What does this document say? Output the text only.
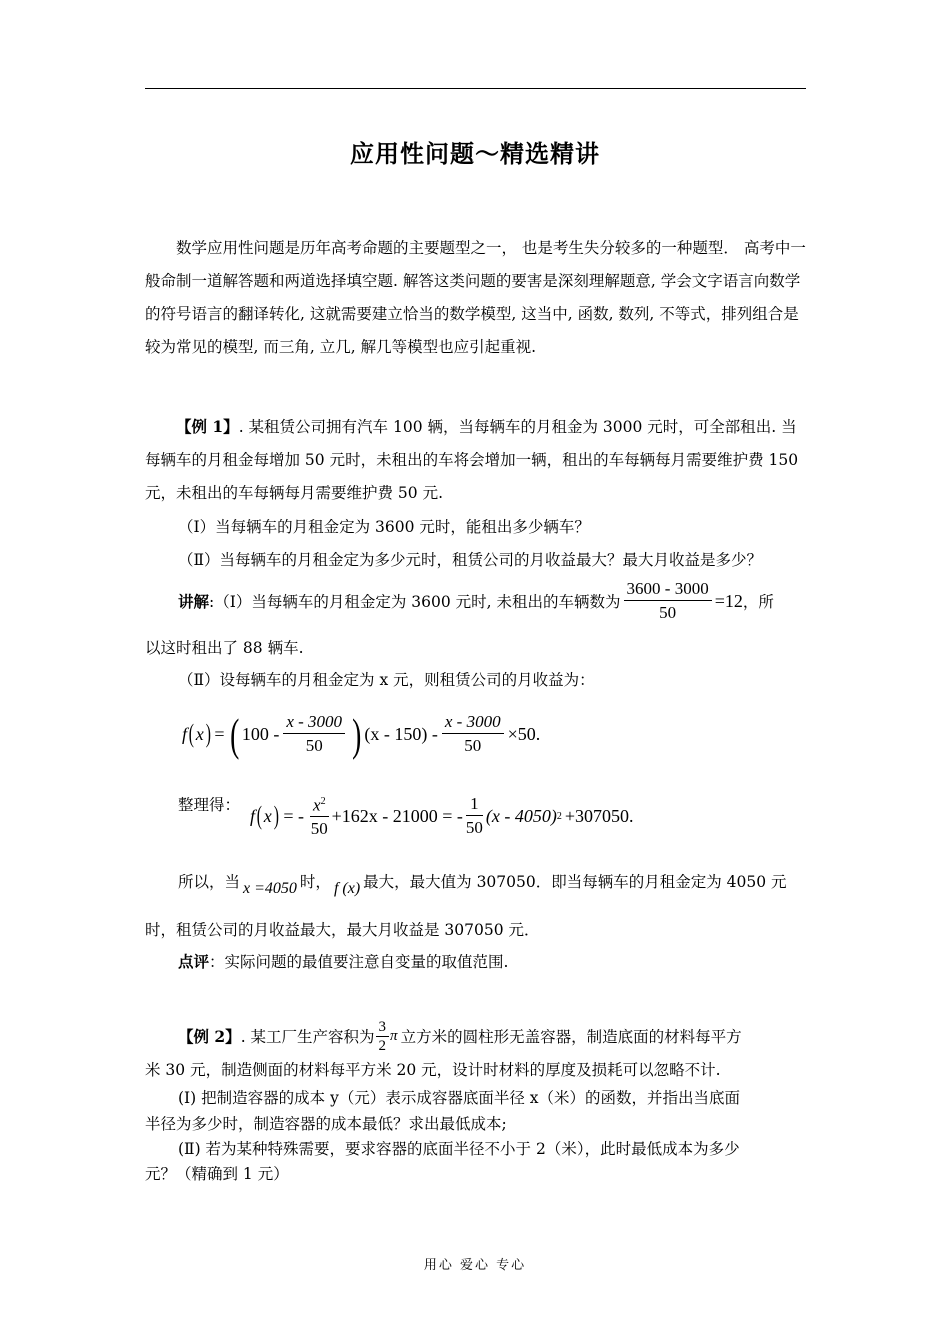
应用性问题～精选精讲
数学应用性问题是历年高考命题的主要题型之一， 也是考生失分较多的一种题型． 高考中一般命制一道解答题和两道选择填空题. 解答这类问题的要害是深刻理解题意, 学会文字语言向数学的符号语言的翻译转化, 这就需要建立恰当的数学模型, 这当中, 函数, 数列, 不等式，排列组合是较为常见的模型, 而三角, 立几, 解几等模型也应引起重视.
【例 1】. 某租赁公司拥有汽车 100 辆，当每辆车的月租金为 3000 元时，可全部租出. 当每辆车的月租金每增加 50 元时，未租出的车将会增加一辆，租出的车每辆每月需要维护费 150 元，未租出的车每辆每月需要维护费 50 元.
（Ⅰ）当每辆车的月租金定为 3600 元时，能租出多少辆车？
（Ⅱ）当每辆车的月租金定为多少元时，租赁公司的月收益最大？最大月收益是多少？
讲解 :（Ⅰ）当每辆车的月租金定为 3600 元时, 未租出的车辆数为 $\frac{3600 - 3000}{50} =12$ ，所
以这时租出了 88 辆车.
（Ⅱ）设每辆车的月租金定为 x 元，则租赁公司的月收益为：
f ( x ) = ( $100 - \frac{x - 3000}{50}$ ) $(x - 150) - \frac{x - 3000}{50} \times 50$ .
整理得：
f ( x ) = - $\frac{x^2}{50} +162x - 21000$ = - $\frac{1}{50} (x - 4050)$ 2 +307050 .
所以，当 x =4050 时， f (x) 最大，最大值为 307050．即当每辆车的月租金定为 4050 元
时，租赁公司的月收益最大，最大月收益是 307050 元．
点评：实际问题的最值要注意自变量的取值范围.
【例 2】 . 某工厂生产容积为 $\frac{3}{2}$ π 立方米的圆柱形无盖容器，制造底面的材料每平方
米 30 元，制造侧面的材料每平方米 20 元，设计时材料的厚度及损耗可以忽略不计.
(Ⅰ) 把制造容器的成本 y（元）表示成容器底面半径 x（米）的函数，并指出当底面
半径为多少时，制造容器的成本最低？求出最低成本;
(Ⅱ) 若为某种特殊需要，要求容器的底面半径不小于 2（米），此时最低成本为多少
元？（精确到 1 元）
用心 爱心 专心
